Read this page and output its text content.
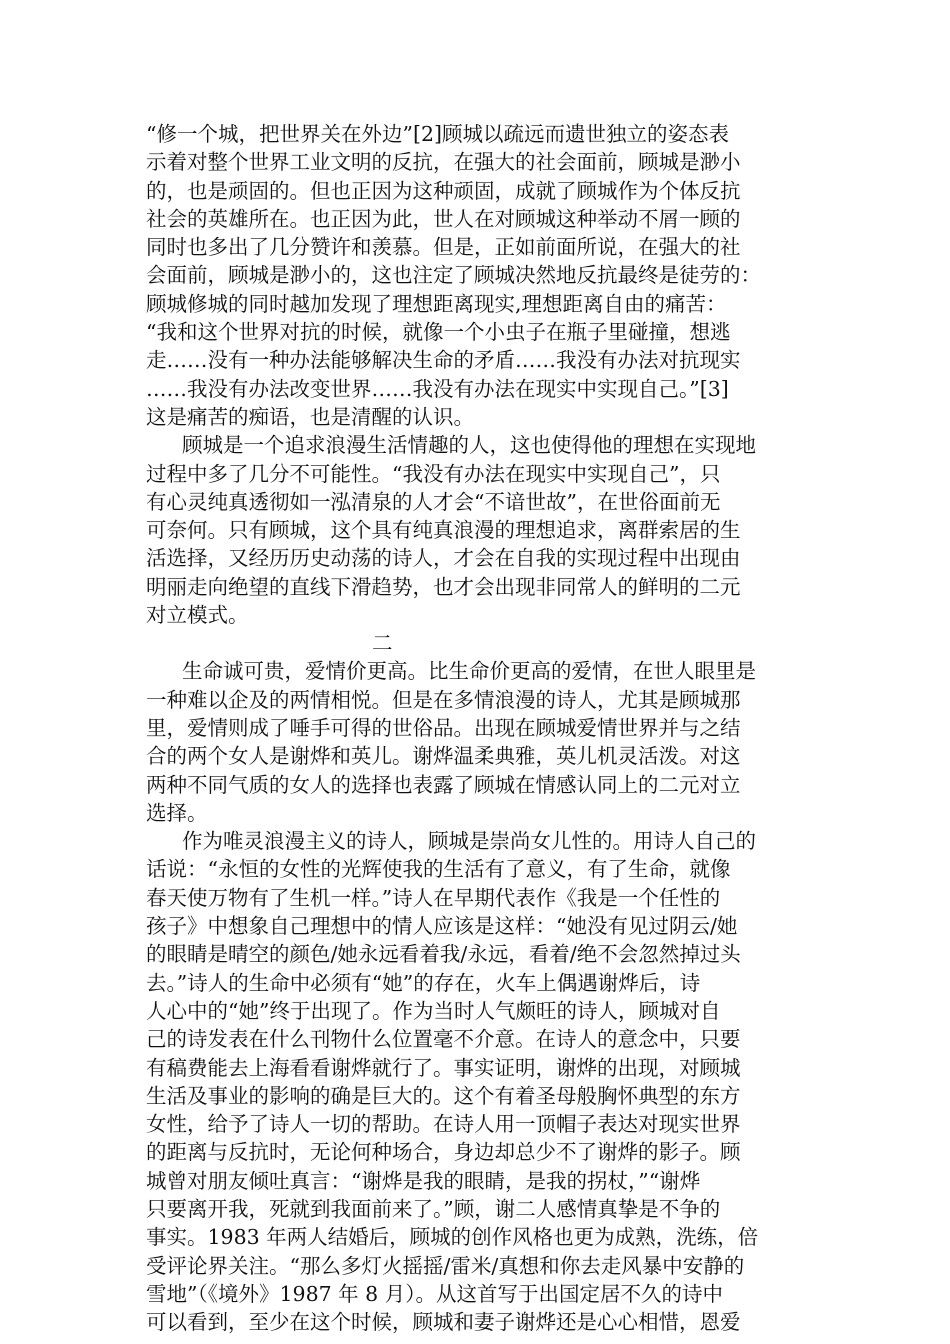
“修一个城，把世界关在外边”[2]顾城以疏远而遗世独立的姿态表
示着对整个世界工业文明的反抗，在强大的社会面前，顾城是渺小
的，也是顽固的。但也正因为这种顽固，成就了顾城作为个体反抗
社会的英雄所在。也正因为此，世人在对顾城这种举动不屑一顾的
同时也多出了几分赞许和羡慕。但是，正如前面所说，在强大的社
会面前，顾城是渺小的，这也注定了顾城决然地反抗最终是徒劳的：
顾城修城的同时越加发现了理想距离现实,理想距离自由的痛苦：
“我和这个世界对抗的时候，就像一个小虫子在瓶子里碰撞，想逃
走……没有一种办法能够解决生命的矛盾……我没有办法对抗现实
……我没有办法改变世界……我没有办法在现实中实现自己。”[3]
这是痛苦的痴语，也是清醒的认识。

顾城是一个追求浪漫生活情趣的人，这也使得他的理想在实现地
过程中多了几分不可能性。“我没有办法在现实中实现自己”，只
有心灵纯真透彻如一泓清泉的人才会“不谙世故”，在世俗面前无
可奈何。只有顾城，这个具有纯真浪漫的理想追求，离群索居的生
活选择，又经历历史动荡的诗人，才会在自我的实现过程中出现由
明丽走向绝望的直线下滑趋势，也才会出现非同常人的鲜明的二元
对立模式。

二

生命诚可贵，爱情价更高。比生命价更高的爱情，在世人眼里是
一种难以企及的两情相悦。但是在多情浪漫的诗人，尤其是顾城那
里，爱情则成了唾手可得的世俗品。出现在顾城爱情世界并与之结
合的两个女人是谢烨和英儿。谢烨温柔典雅，英儿机灵活泼。对这
两种不同气质的女人的选择也表露了顾城在情感认同上的二元对立
选择。

作为唯灵浪漫主义的诗人，顾城是崇尚女儿性的。用诗人自己的
话说：“永恒的女性的光辉使我的生活有了意义，有了生命，就像
春天使万物有了生机一样。”诗人在早期代表作《我是一个任性的
孩子》中想象自己理想中的情人应该是这样：“她没有见过阴云/她
的眼睛是晴空的颜色/她永远看着我/永远，看着/绝不会忽然掉过头
去。”诗人的生命中必须有“她”的存在，火车上偶遇谢烨后，诗
人心中的“她”终于出现了。作为当时人气颇旺的诗人，顾城对自
己的诗发表在什么刊物什么位置毫不介意。在诗人的意念中，只要
有稿费能去上海看看谢烨就行了。事实证明，谢烨的出现，对顾城
生活及事业的影响的确是巨大的。这个有着圣母般胸怀典型的东方
女性，给予了诗人一切的帮助。在诗人用一顶帽子表达对现实世界
的距离与反抗时，无论何种场合，身边却总少不了谢烨的影子。顾
城曾对朋友倾吐真言：“谢烨是我的眼睛，是我的拐杖，”“谢烨
只要离开我，死就到我面前来了。”顾，谢二人感情真挚是不争的
事实。1983 年两人结婚后，顾城的创作风格也更为成熟，洗练，倍
受评论界关注。“那么多灯火摇摇/雷米/真想和你去走风暴中安静的
雪地”（《境外》1987 年 8 月）。从这首写于出国定居不久的诗中
可以看到，至少在这个时候，顾城和妻子谢烨还是心心相惜，恩爱
